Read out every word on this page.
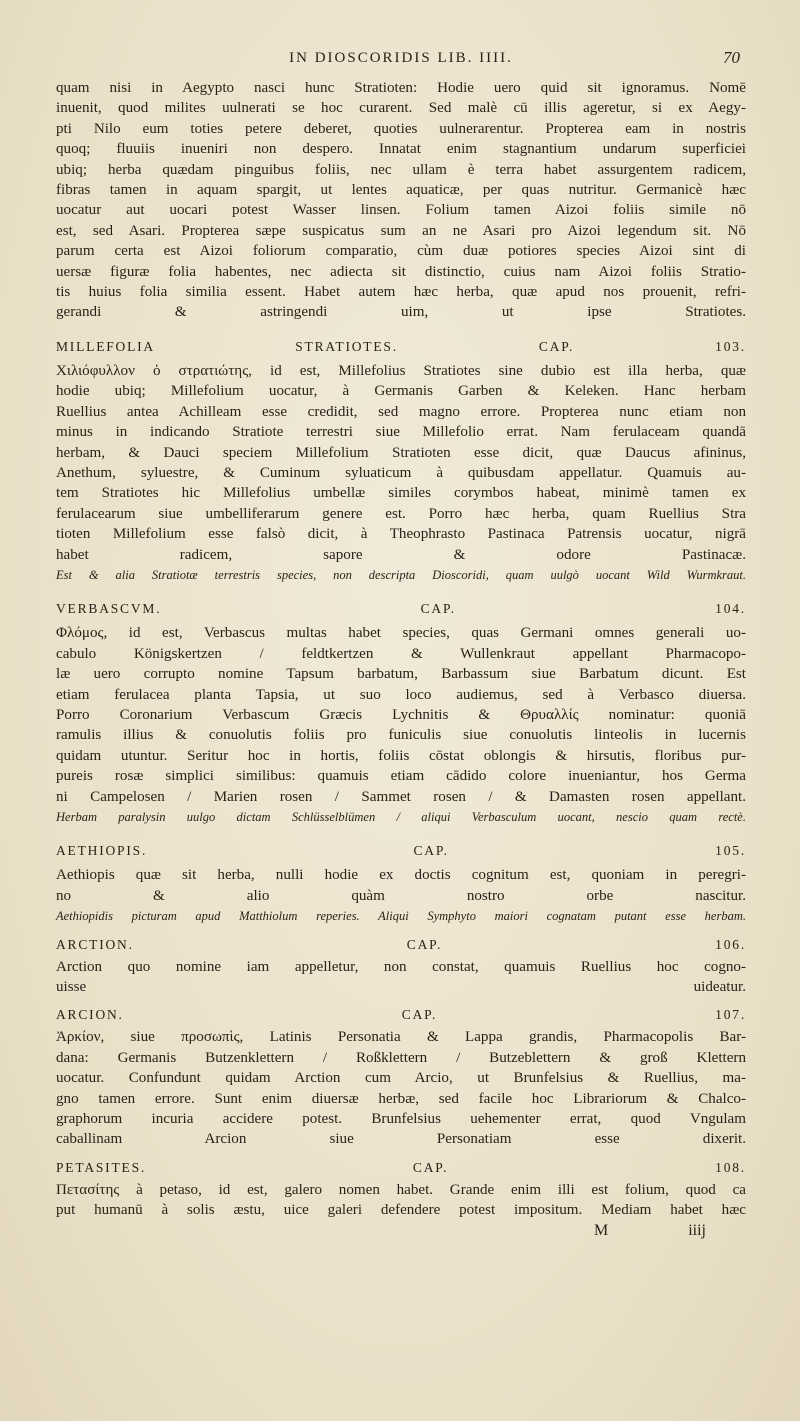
IN DIOSCORIDIS LIB. IIII.	70
quam nisi in Aegypto nasci hunc Stratioten: Hodie uero quid sit ignoramus. Nomē
inuenit, quod milites uulnerati se hoc curarent. Sed malè cū illis ageretur, si ex Aegy-
pti Nilo eum toties petere deberet, quoties uulnerarentur. Propterea eam in nostris
quoq; fluuiis inueniri non despero. Innatat enim stagnantium undarum superficiei
ubiq; herba quædam pinguibus foliis, nec ullam è terra habet assurgentem radicem,
fibras tamen in aquam spargit, ut lentes aquaticæ, per quas nutritur. Germanicè hæc
uocatur aut uocari potest Wasser linsen. Folium tamen Aizoi foliis simile nō
est, sed Asari. Propterea sæpe suspicatus sum an ne Asari pro Aizoi legendum sit. Nō
parum certa est Aizoi foliorum comparatio, cùm duæ potiores species Aizoi sint di
uersæ figuræ folia habentes, nec adiecta sit distinctio, cuius nam Aizoi foliis Stratio-
tis huius folia similia essent. Habet autem hæc herba, quæ apud nos prouenit, refri-
gerandi & astringendi uim, ut ipse Stratiotes.
MILLEFOLIA STRATIOTES. CAP. 103.
Χιλιόφυλλον ὁ στρατιώτης, id est, Millefolius Stratiotes sine dubio est illa herba, quæ
hodie ubiq; Millefolium uocatur, à Germanis Garben & Keleken. Hanc herbam
Ruellius antea Achilleam esse credidit, sed magno errore. Propterea nunc etiam non
minus in indicando Stratiote terrestri siue Millefolio errat. Nam ferulaceam quandā
herbam, & Dauci speciem Millefolium Stratioten esse dicit, quæ Daucus afininus,
Anethum, syluestre, & Cuminum syluaticum à quibusdam appellatur. Quamuis au-
tem Stratiotes hic Millefolius umbellæ similes corymbos habeat, minimè tamen ex
ferulacearum siue umbelliferarum genere est. Porro hæc herba, quam Ruellius Stra
tioten Millefolium esse falsò dicit, à Theophrasto Pastinaca Patrensis uocatur, nigrā
habet radicem, sapore & odore Pastinacæ.
Est & alia Stratiotæ terrestris species, non descripta Dioscoridi, quam uulgò uocant Wild Wurmkraut.
VERBASCVM. CAP. 104.
Φλόμος, id est, Verbascus multas habet species, quas Germani omnes generali uo-
cabulo Königskertzen / feldtkertzen & Wullenkraut appellant Pharmacopo-
læ uero corrupto nomine Tapsum barbatum, Barbassum siue Barbatum dicunt. Est
etiam ferulacea planta Tapsia, ut suo loco audiemus, sed à Verbasco diuersa.
Porro Coronarium Verbascum Græcis Lychnitis & Θρυαλλίς nominatur: quoniā
ramulis illius & conuolutis foliis pro funiculis siue conuolutis linteolis in lucernis
quidam utuntur. Seritur hoc in hortis, foliis cōstat oblongis & hirsutis, floribus pur-
pureis rosæ simplici similibus: quamuis etiam cādido colore inueniantur, hos Germa
ni Campelosen / Marien rosen / Sammet rosen / & Damasten rosen appellant.
Herbam paralysin uulgo dictam Schlüsselblümen / aliqui Verbasculum uocant, nescio quam rectè.
AETHIOPIS. CAP. 105.
Aethiopis quæ sit herba, nulli hodie ex doctis cognitum est, quoniam in peregri-
no & alio quàm nostro orbe nascitur.
Aethiopidis picturam apud Matthiolum reperies. Aliqui Symphyto maiori cognatam putant esse herbam.
ARCTION. CAP. 106.
Arction quo nomine iam appelletur, non constat, quamuis Ruellius hoc cogno-
uisse uideatur.
ARCION. CAP. 107.
Ἀρκίον, siue προσωπὶς, Latinis Personatia & Lappa grandis, Pharmacopolis Bar-
dana: Germanis Butzenklettern / Roßklettern / Butzeblettern & groß Klettern
uocatur. Confundunt quidam Arction cum Arcio, ut Brunfelsius & Ruellius, ma-
gno tamen errore. Sunt enim diuersæ herbæ, sed facile hoc Librariorum & Chalco-
graphorum incuria accidere potest. Brunfelsius uehementer errat, quod Vngulam
caballinam Arcion siue Personatiam esse dixerit.
PETASITES. CAP. 108.
Πετασίτης à petaso, id est, galero nomen habet. Grande enim illi est folium, quod ca
put humanū à solis æstu, uice galeri defendere potest impositum. Mediam habet hæc
M	iiij
